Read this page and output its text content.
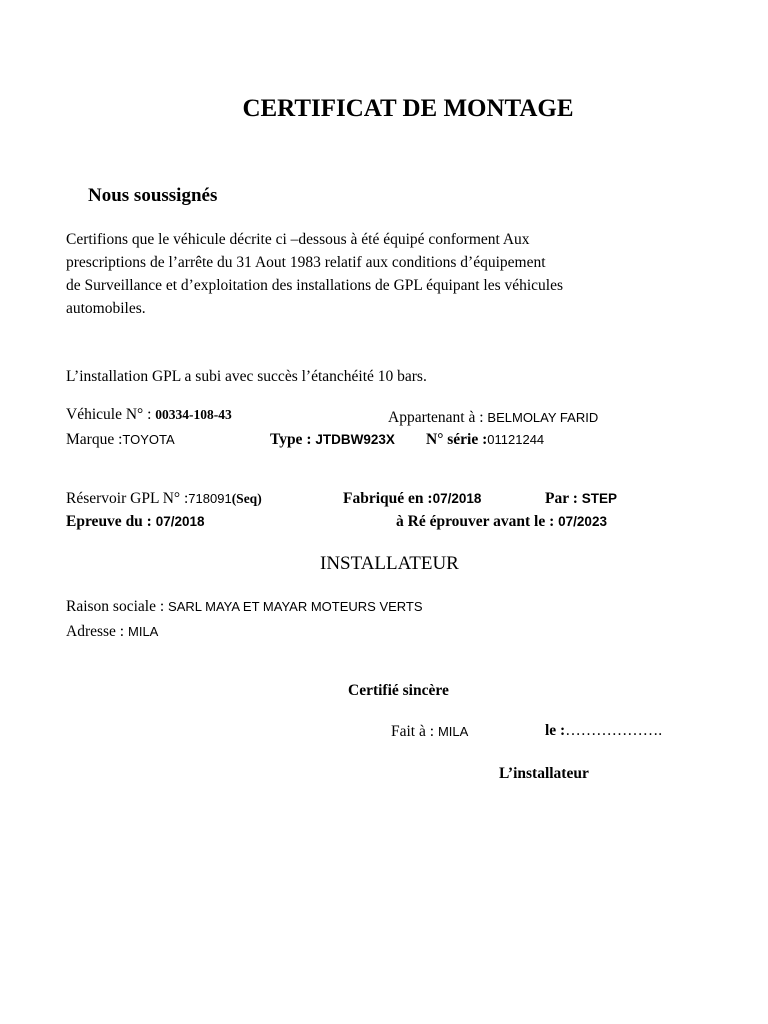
CERTIFICAT DE MONTAGE
Nous soussignés
Certifions que le véhicule décrite ci –dessous à été équipé conforment Aux
prescriptions de l’arrête du 31 Aout 1983 relatif aux conditions d’équipement
de Surveillance et d’exploitation des installations de GPL équipant les véhicules
automobiles.
L’installation GPL a subi avec succès l’étanchéité 10 bars.
Véhicule N° : 00334-108-43	Appartenant à : BELMOLAY FARID
Marque :TOYOTA	Type : JTDBW923X N° série :01121244
Réservoir GPL N° :718091(Seq)	Fabriqué en :07/2018	Par : STEP
Epreuve du : 07/2018	à Ré éprouver avant le : 07/2023
INSTALLATEUR
Raison sociale : SARL MAYA ET MAYAR MOTEURS VERTS
Adresse : MILA
Certifié sincère
Fait à : MILA	le :……………….
L’installateur
